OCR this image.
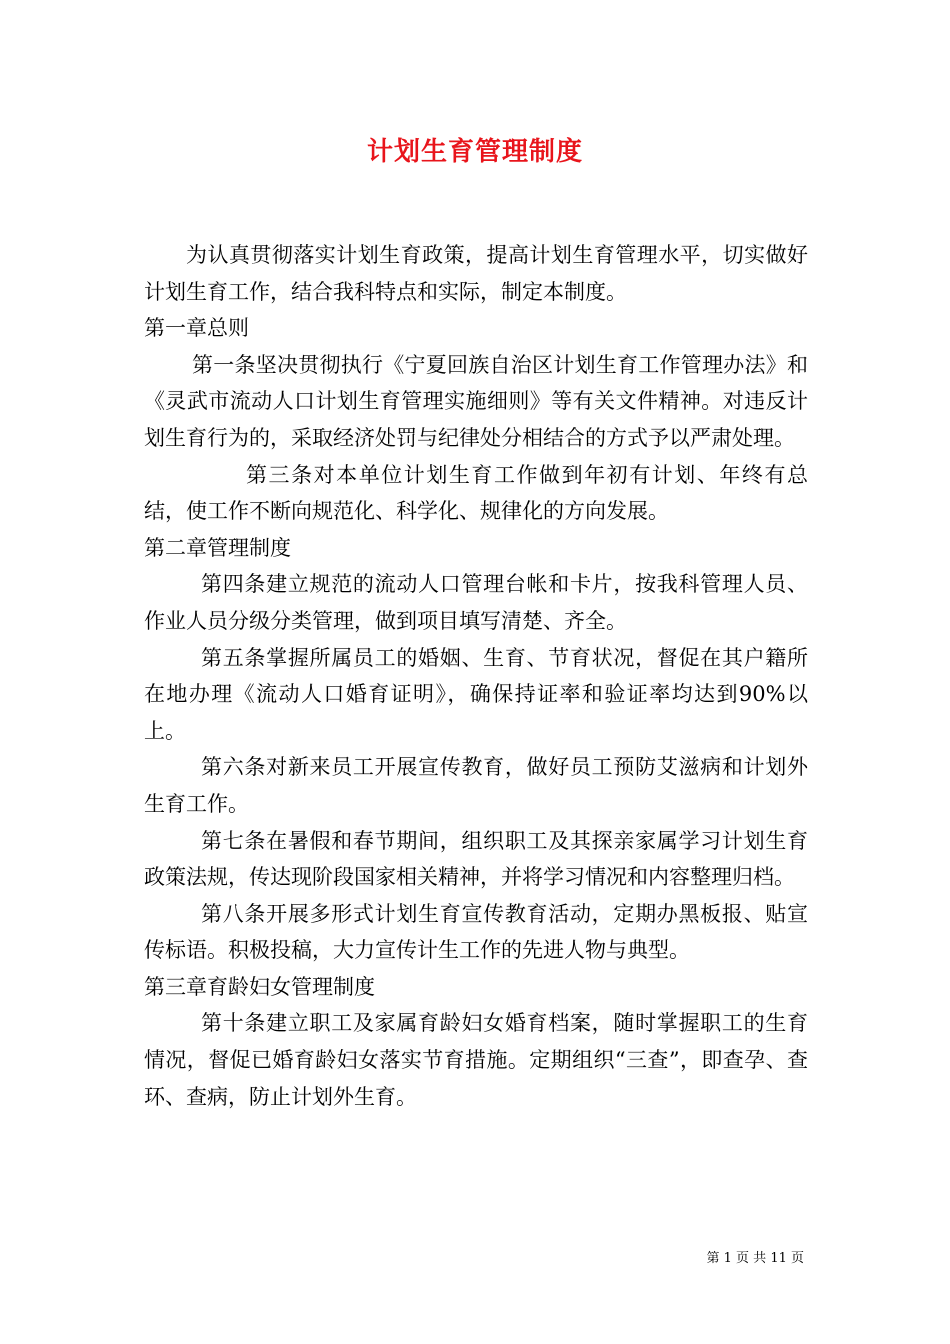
计划生育管理制度

为认真贯彻落实计划生育政策，提高计划生育管理水平，切实做好计划生育工作，结合我科特点和实际，制定本制度。

第一章总则

第一条坚决贯彻执行《宁夏回族自治区计划生育工作管理办法》和《灵武市流动人口计划生育管理实施细则》等有关文件精神。对违反计划生育行为的，采取经济处罚与纪律处分相结合的方式予以严肃处理。

第三条对本单位计划生育工作做到年初有计划、年终有总结，使工作不断向规范化、科学化、规律化的方向发展。

第二章管理制度

第四条建立规范的流动人口管理台帐和卡片，按我科管理人员、作业人员分级分类管理，做到项目填写清楚、齐全。

第五条掌握所属员工的婚姻、生育、节育状况，督促在其户籍所在地办理《流动人口婚育证明》，确保持证率和验证率均达到90%以上。

第六条对新来员工开展宣传教育，做好员工预防艾滋病和计划外生育工作。

第七条在暑假和春节期间，组织职工及其探亲家属学习计划生育政策法规，传达现阶段国家相关精神，并将学习情况和内容整理归档。

第八条开展多形式计划生育宣传教育活动，定期办黑板报、贴宣传标语。积极投稿，大力宣传计生工作的先进人物与典型。

第三章育龄妇女管理制度

第十条建立职工及家属育龄妇女婚育档案，随时掌握职工的生育情况，督促已婚育龄妇女落实节育措施。定期组织“三查”，即查孕、查环、查病，防止计划外生育。

第 1 页 共 11 页
